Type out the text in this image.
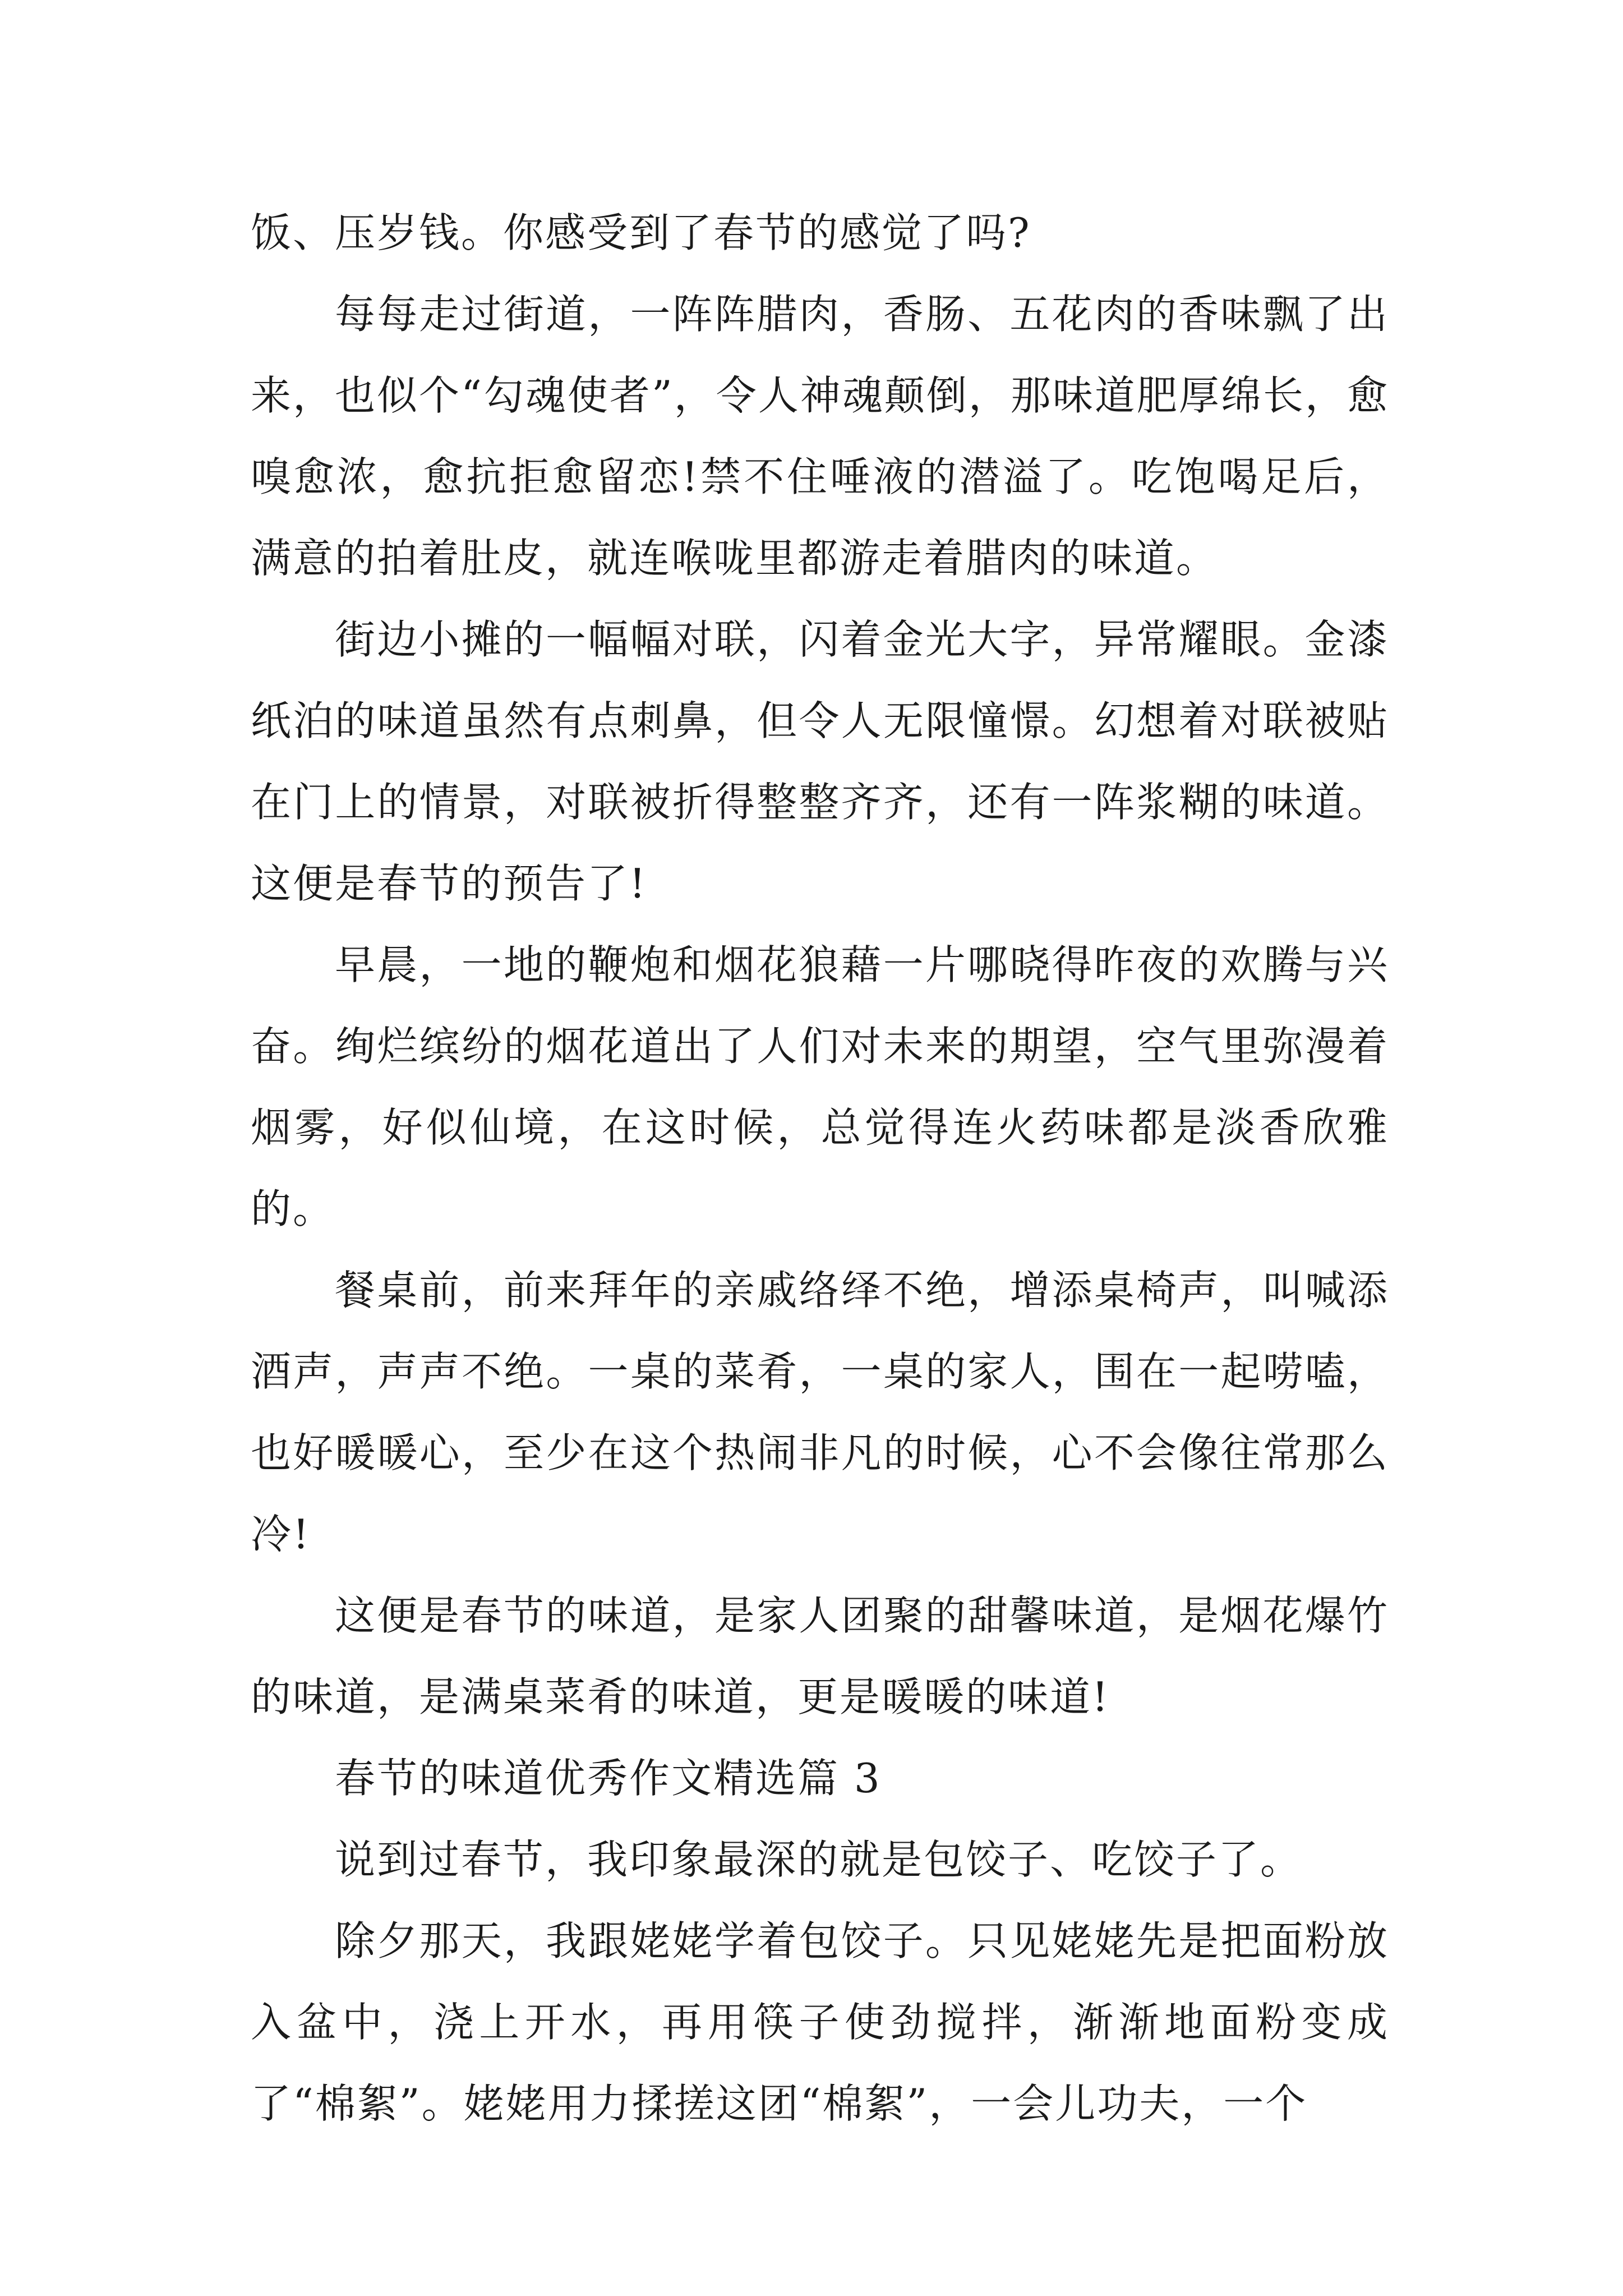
饭、压岁钱。你感受到了春节的感觉了吗?

每每走过街道，一阵阵腊肉，香肠、五花肉的香味飘了出来，也似个“勾魂使者”，令人神魂颠倒，那味道肥厚绵长，愈嗅愈浓，愈抗拒愈留恋!禁不住唾液的潜溢了。吃饱喝足后，满意的拍着肚皮，就连喉咙里都游走着腊肉的味道。

街边小摊的一幅幅对联，闪着金光大字，异常耀眼。金漆纸泊的味道虽然有点刺鼻，但令人无限憧憬。幻想着对联被贴在门上的情景，对联被折得整整齐齐，还有一阵浆糊的味道。这便是春节的预告了!

早晨，一地的鞭炮和烟花狼藉一片哪晓得昨夜的欢腾与兴奋。绚烂缤纷的烟花道出了人们对未来的期望，空气里弥漫着烟雾，好似仙境，在这时候，总觉得连火药味都是淡香欣雅的。

餐桌前，前来拜年的亲戚络绎不绝，增添桌椅声，叫喊添酒声，声声不绝。一桌的菜肴，一桌的家人，围在一起唠嗑，也好暖暖心，至少在这个热闹非凡的时候，心不会像往常那么冷!

这便是春节的味道，是家人团聚的甜馨味道，是烟花爆竹的味道，是满桌菜肴的味道，更是暖暖的味道!

春节的味道优秀作文精选篇 3

说到过春节，我印象最深的就是包饺子、吃饺子了。

除夕那天，我跟姥姥学着包饺子。只见姥姥先是把面粉放入盆中，浇上开水，再用筷子使劲搅拌，渐渐地面粉变成了“棉絮”。姥姥用力揉搓这团“棉絮”，一会儿功夫，一个
